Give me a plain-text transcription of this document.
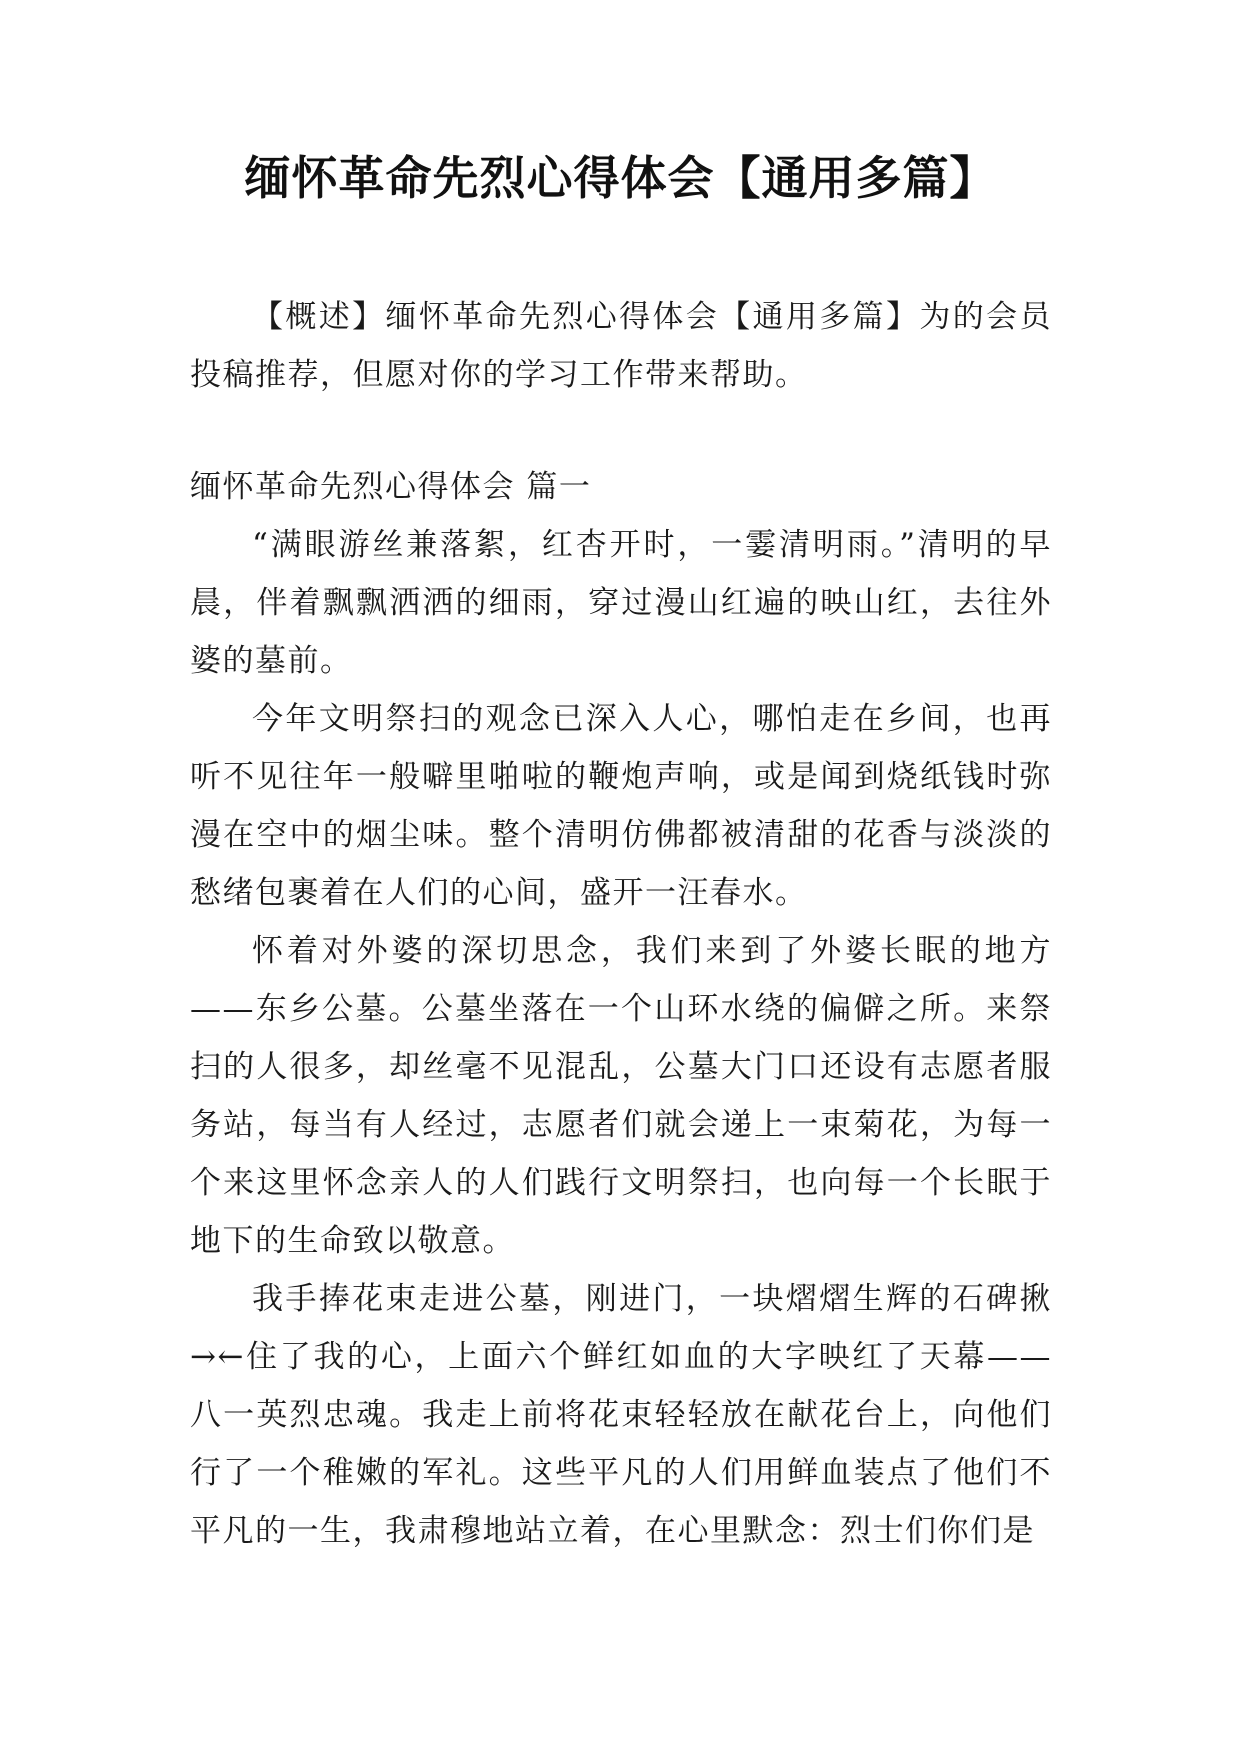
缅怀革命先烈心得体会【通用多篇】

【概述】缅怀革命先烈心得体会【通用多篇】为的会员投稿推荐，但愿对你的学习工作带来帮助。

缅怀革命先烈心得体会 篇一

“满眼游丝兼落絮，红杏开时，一霎清明雨。”清明的早晨，伴着飘飘洒洒的细雨，穿过漫山红遍的映山红，去往外婆的墓前。

今年文明祭扫的观念已深入人心，哪怕走在乡间，也再听不见往年一般噼里啪啦的鞭炮声响，或是闻到烧纸钱时弥漫在空中的烟尘味。整个清明仿佛都被清甜的花香与淡淡的愁绪包裹着在人们的心间，盛开一汪春水。

怀着对外婆的深切思念，我们来到了外婆长眠的地方——东乡公墓。公墓坐落在一个山环水绕的偏僻之所。来祭扫的人很多，却丝毫不见混乱，公墓大门口还设有志愿者服务站，每当有人经过，志愿者们就会递上一束菊花，为每一个来这里怀念亲人的人们践行文明祭扫，也向每一个长眠于地下的生命致以敬意。

我手捧花束走进公墓，刚进门，一块熠熠生辉的石碑揪→←住了我的心，上面六个鲜红如血的大字映红了天幕——八一英烈忠魂。我走上前将花束轻轻放在献花台上，向他们行了一个稚嫩的军礼。这些平凡的人们用鲜血装点了他们不平凡的一生，我肃穆地站立着，在心里默念：烈士们你们是
